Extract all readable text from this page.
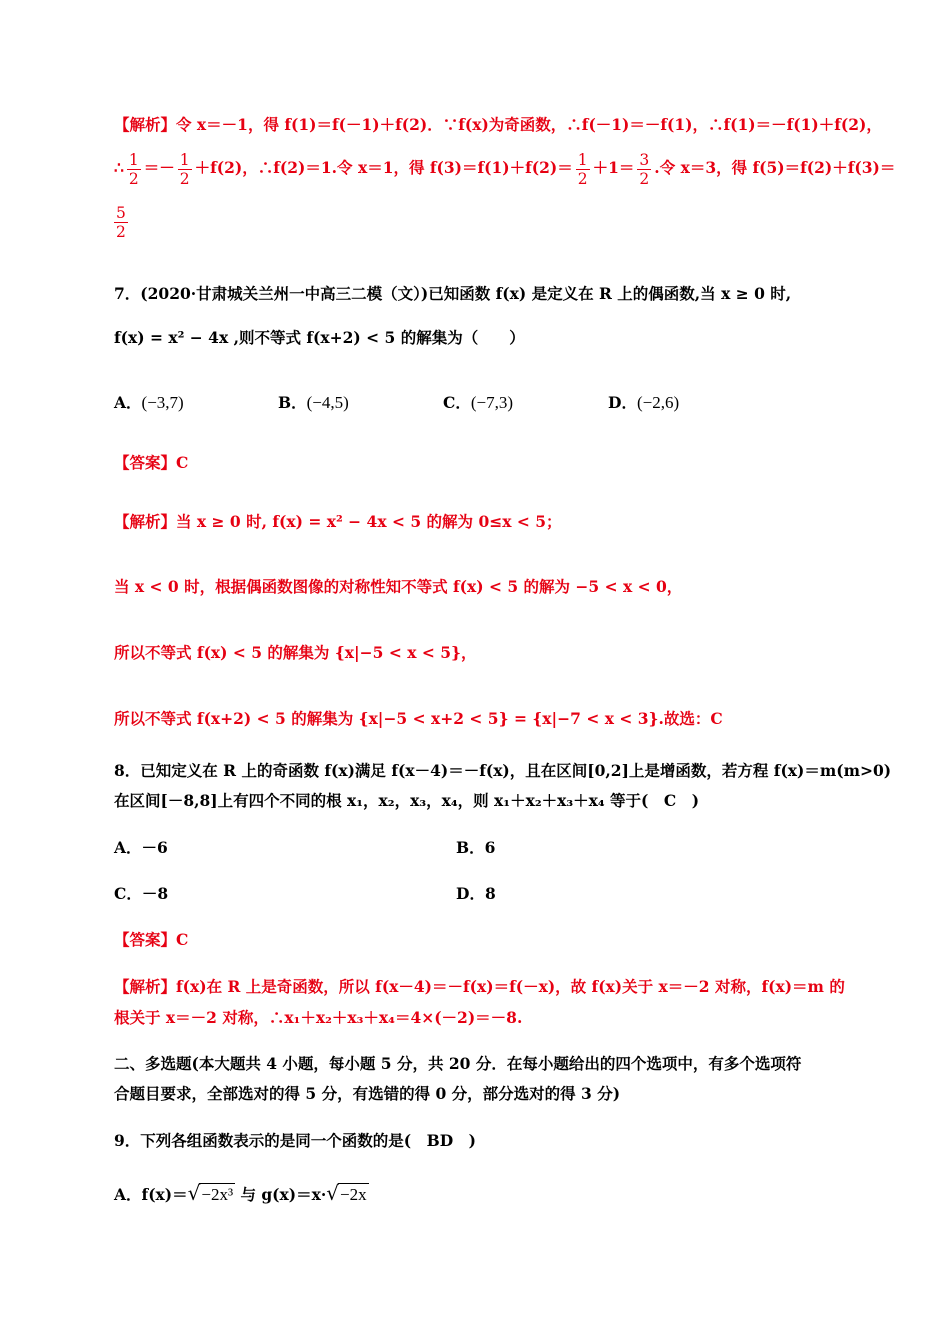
【解析】令 x＝－1，得 f(1)＝f(－1)＋f(2)．∵f(x)为奇函数，∴f(－1)＝－f(1)，∴f(1)＝－f(1)＋f(2)，
∴ $\frac{1}{2} =- \frac{1}{2} +f(2)$，∴f(2)＝1.令 x＝1，得 $f(3)=f(1)+f(2)= \frac{1}{2} +1= \frac{3}{2}$ .令 x＝3，得 f(5)＝f(2)＋f(3)＝
$\frac{5}{2}$
7．(2020·甘肃城关兰州一中高三二模（文）)已知函数 f(x) 是定义在 R 上的偶函数,当 x ≥ 0 时,
f(x) = x² − 4x ,则不等式 f(x+2) < 5 的解集为（　　）
A．(−3,7)	B．(−4,5)	C．(−7,3)	D．(−2,6)
【答案】C
【解析】当 x ≥ 0 时, f(x) = x² − 4x < 5 的解为 0≤x < 5；
当 x < 0 时，根据偶函数图像的对称性知不等式 f(x) < 5 的解为 −5 < x < 0，
所以不等式 f(x) < 5 的解集为 {x|−5 < x < 5}，
所以不等式 f(x+2) < 5 的解集为 {x|−5 < x+2 < 5} = {x|−7 < x < 3}.故选：C
8．已知定义在 R 上的奇函数 f(x)满足 f(x－4)＝－f(x)，且在区间[0,2]上是增函数，若方程 f(x)＝m(m>0)
在区间[－8,8]上有四个不同的根 x₁，x₂，x₃，x₄，则 x₁＋x₂＋x₃＋x₄ 等于(　C　)
A．－6	B．6
C．－8	D．8
【答案】C
【解析】f(x)在 R 上是奇函数，所以 f(x－4)＝－f(x)＝f(－x)，故 f(x)关于 x＝－2 对称，f(x)＝m 的
根关于 x＝－2 对称，∴x₁＋x₂＋x₃＋x₄＝4×(－2)＝－8.
二、多选题(本大题共 4 小题，每小题 5 分，共 20 分．在每小题给出的四个选项中，有多个选项符
合题目要求，全部选对的得 5 分，有选错的得 0 分，部分选对的得 3 分)
9．下列各组函数表示的是同一个函数的是(　BD　)
A．f(x)＝√−2x³ 与 g(x)＝x·√−2x
